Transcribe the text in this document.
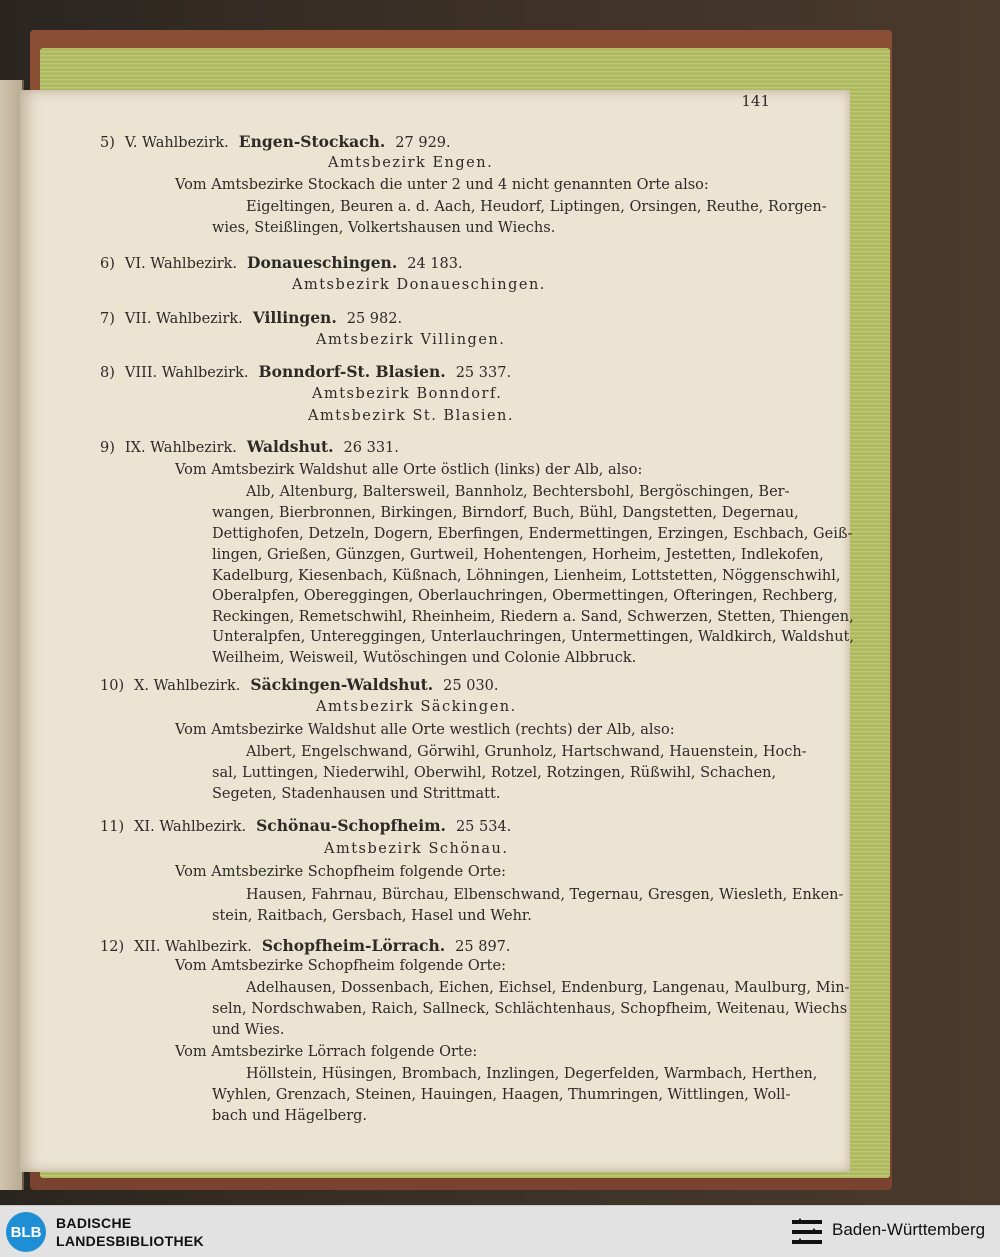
141
5) V. Wahlbezirk. Engen-Stockach. 27 929.
Amtsbezirk Engen.
Vom Amtsbezirke Stockach die unter 2 und 4 nicht genannten Orte also:
Eigeltingen, Beuren a. d. Aach, Heudorf, Liptingen, Orsingen, Reuthe, Rorgen-
wies, Steißlingen, Volkertshausen und Wiechs.
6) VI. Wahlbezirk. Donaueschingen. 24 183.
Amtsbezirk Donaueschingen.
7) VII. Wahlbezirk. Villingen. 25 982.
Amtsbezirk Villingen.
8) VIII. Wahlbezirk. Bonndorf-St. Blasien. 25 337.
Amtsbezirk Bonndorf.
Amtsbezirk St. Blasien.
9) IX. Wahlbezirk. Waldshut. 26 331.
Vom Amtsbezirk Waldshut alle Orte östlich (links) der Alb, also:
Alb, Altenburg, Baltersweil, Bannholz, Bechtersbohl, Bergöschingen, Ber-
wangen, Bierbronnen, Birkingen, Birndorf, Buch, Bühl, Dangstetten, Degernau,
Dettighofen, Detzeln, Dogern, Eberfingen, Endermettingen, Erzingen, Eschbach, Geiß-
lingen, Grießen, Günzgen, Gurtweil, Hohentengen, Horheim, Jestetten, Indlekofen,
Kadelburg, Kiesenbach, Küßnach, Löhningen, Lienheim, Lottstetten, Nöggenschwihl,
Oberalpfen, Obereggingen, Oberlauchringen, Obermettingen, Ofteringen, Rechberg,
Reckingen, Remetschwihl, Rheinheim, Riedern a. Sand, Schwerzen, Stetten, Thiengen,
Unteralpfen, Untereggingen, Unterlauchringen, Untermettingen, Waldkirch, Waldshut,
Weilheim, Weisweil, Wutöschingen und Colonie Albbruck.
10) X. Wahlbezirk. Säckingen-Waldshut. 25 030.
Amtsbezirk Säckingen.
Vom Amtsbezirke Waldshut alle Orte westlich (rechts) der Alb, also:
Albert, Engelschwand, Görwihl, Grunholz, Hartschwand, Hauenstein, Hoch-
sal, Luttingen, Niederwihl, Oberwihl, Rotzel, Rotzingen, Rüßwihl, Schachen,
Segeten, Stadenhausen und Strittmatt.
11) XI. Wahlbezirk. Schönau-Schopfheim. 25 534.
Amtsbezirk Schönau.
Vom Amtsbezirke Schopfheim folgende Orte:
Hausen, Fahrnau, Bürchau, Elbenschwand, Tegernau, Gresgen, Wiesleth, Enken-
stein, Raitbach, Gersbach, Hasel und Wehr.
12) XII. Wahlbezirk. Schopfheim-Lörrach. 25 897.
Vom Amtsbezirke Schopfheim folgende Orte:
Adelhausen, Dossenbach, Eichen, Eichsel, Endenburg, Langenau, Maulburg, Min-
seln, Nordschwaben, Raich, Sallneck, Schlächtenhaus, Schopfheim, Weitenau, Wiechs
und Wies.
Vom Amtsbezirke Lörrach folgende Orte:
Höllstein, Hüsingen, Brombach, Inzlingen, Degerfelden, Warmbach, Herthen,
Wyhlen, Grenzach, Steinen, Hauingen, Haagen, Thumringen, Wittlingen, Woll-
bach und Hägelberg.
BLB
BADISCHE
LANDESBIBLIOTHEK
Baden-Württemberg
